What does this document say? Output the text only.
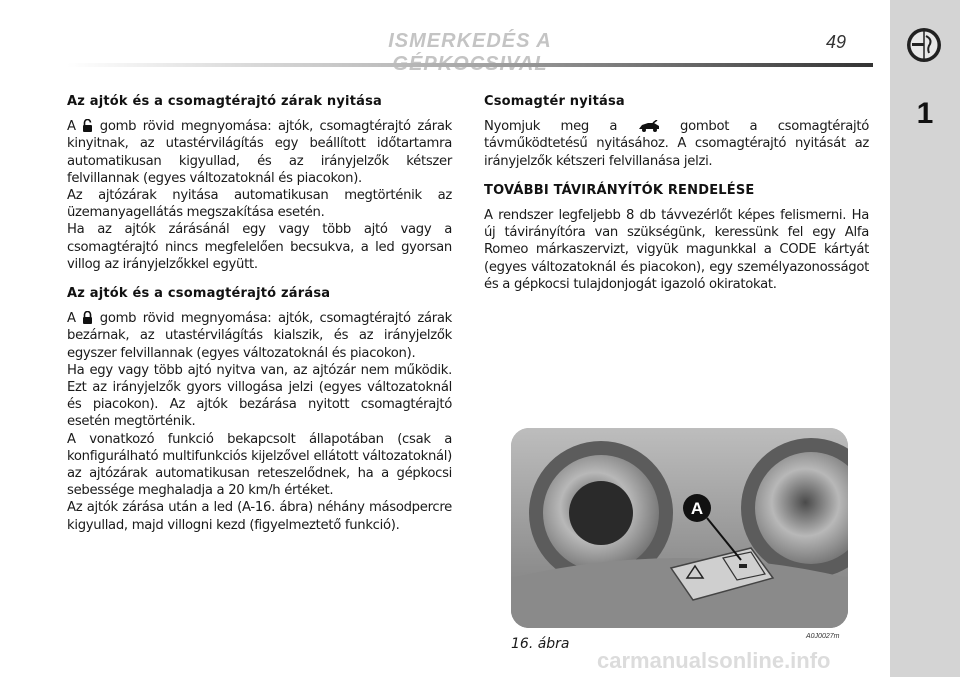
ISMERKEDÉS A	49
1
Az ajtók és a csomagtérajtó zárak nyitása

A gomb rövid megnyomása: ajtók, csomagtérajtó zárak kinyitnak, az utastérvilágítás egy beállított időtartamra automatikusan kigyullad, és az irányjelzők kétszer felvillannak (egyes változatoknál és piacokon).

Az ajtózárak nyitása automatikusan megtörténik az üzemanyagellátás megszakítása esetén.

Ha az ajtók zárásánál egy vagy több ajtó vagy a csomagtérajtó nincs megfelelően becsukva, a led gyorsan villog az irányjelzőkkel együtt.

Az ajtók és a csomagtérajtó zárása

A gomb rövid megnyomása: ajtók, csomagtérajtó zárak bezárnak, az utastérvilágítás kialszik, és az irányjelzők egyszer felvillannak (egyes változatoknál és piacokon).

Ha egy vagy több ajtó nyitva van, az ajtózár nem működik. Ezt az irányjelzők gyors villogása jelzi (egyes változatoknál és piacokon). Az ajtók bezárása nyitott csomagtérajtó esetén megtörténik.

A vonatkozó funkció bekapcsolt állapotában (csak a konfigurálható multifunkciós kijelzővel ellátott változatoknál) az ajtózárak automatikusan reteszelődnek, ha a gépkocsi sebessége meghaladja a 20 km/h értéket.

Az ajtók zárása után a led (A-16. ábra) néhány másodpercre kigyullad, majd villogni kezd (figyelmeztető funkció).

Csomagtér nyitása

Nyomjuk meg a	gombot a csomagtérajtó távműködtetésű nyitásához. A csomagtérajtó nyitását az irányjelzők kétszeri felvillanása jelzi.

TOVÁBBI TÁVIRÁNYÍTÓK RENDELÉSE

A rendszer legfeljebb 8 db távvezérlőt képes felismerni. Ha új távirányítóra van szükségünk, keressünk fel egy Alfa Romeo márkaszervizt, vigyük magunkkal a CODE kártyát (egyes változatoknál és piacokon), egy személyazonosságot és a gépkocsi tulajdonjogát igazoló okiratokat.

A
16. ábra	A0J0027m
carmanualsonline.info
